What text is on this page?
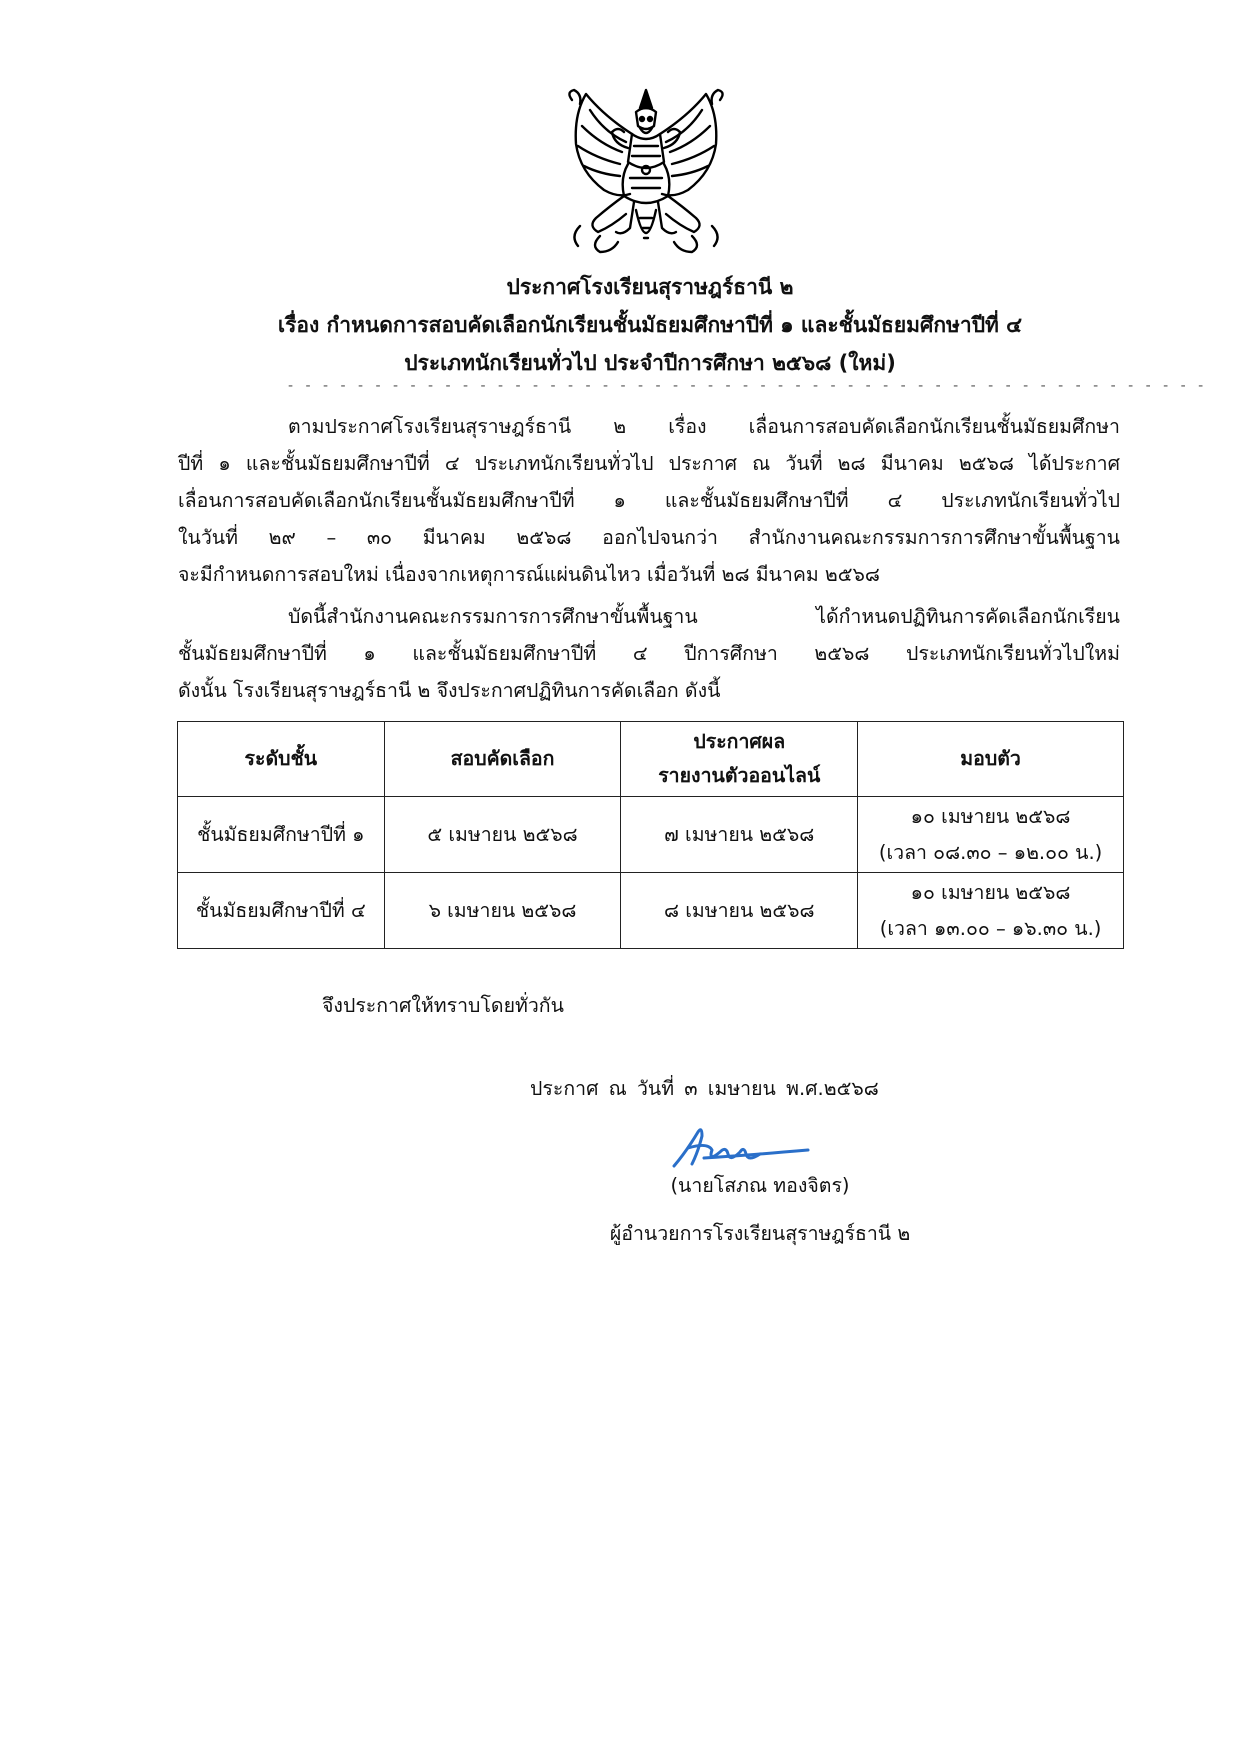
ประกาศโรงเรียนสุราษฎร์ธานี ๒
เรื่อง กำหนดการสอบคัดเลือกนักเรียนชั้นมัธยมศึกษาปีที่ ๑ และชั้นมัธยมศึกษาปีที่ ๔
ประเภทนักเรียนทั่วไป ประจำปีการศึกษา ๒๕๖๘ (ใหม่)
- - - - - - - - - - - - - - - - - - - - - - - - - - - - - - - - - - - - - - - - - - - - - - - - - - - - -
ตามประกาศโรงเรียนสุราษฎร์ธานี ๒ เรื่อง เลื่อนการสอบคัดเลือกนักเรียนชั้นมัธยมศึกษา
ปีที่ ๑ และชั้นมัธยมศึกษาปีที่ ๔ ประเภทนักเรียนทั่วไป ประกาศ ณ วันที่ ๒๘ มีนาคม ๒๕๖๘ ได้ประกาศ
เลื่อนการสอบคัดเลือกนักเรียนชั้นมัธยมศึกษาปีที่ ๑ และชั้นมัธยมศึกษาปีที่ ๔ ประเภทนักเรียนทั่วไป
ในวันที่ ๒๙ – ๓๐ มีนาคม ๒๕๖๘ ออกไปจนกว่า สำนักงานคณะกรรมการการศึกษาขั้นพื้นฐาน
จะมีกำหนดการสอบใหม่ เนื่องจากเหตุการณ์แผ่นดินไหว เมื่อวันที่ ๒๘ มีนาคม ๒๕๖๘
บัดนี้สำนักงานคณะกรรมการการศึกษาขั้นพื้นฐาน ได้กำหนดปฏิทินการคัดเลือกนักเรียน
ชั้นมัธยมศึกษาปีที่ ๑ และชั้นมัธยมศึกษาปีที่ ๔ ปีการศึกษา ๒๕๖๘ ประเภทนักเรียนทั่วไปใหม่
ดังนั้น โรงเรียนสุราษฎร์ธานี ๒ จึงประกาศปฏิทินการคัดเลือก ดังนี้
ระดับชั้น	สอบคัดเลือก	ประกาศผล
รายงานตัวออนไลน์	มอบตัว
ชั้นมัธยมศึกษาปีที่ ๑	๕ เมษายน ๒๕๖๘	๗ เมษายน ๒๕๖๘	๑๐ เมษายน ๒๕๖๘
(เวลา ๐๘.๓๐ – ๑๒.๐๐ น.)

ชั้นมัธยมศึกษาปีที่ ๔	๖ เมษายน ๒๕๖๘	๘ เมษายน ๒๕๖๘	๑๐ เมษายน ๒๕๖๘
(เวลา ๑๓.๐๐ – ๑๖.๓๐ น.)
จึงประกาศให้ทราบโดยทั่วกัน
ประกาศ ณ วันที่ ๓ เมษายน พ.ศ.๒๕๖๘
(นายโสภณ ทองจิตร)
ผู้อำนวยการโรงเรียนสุราษฎร์ธานี ๒
